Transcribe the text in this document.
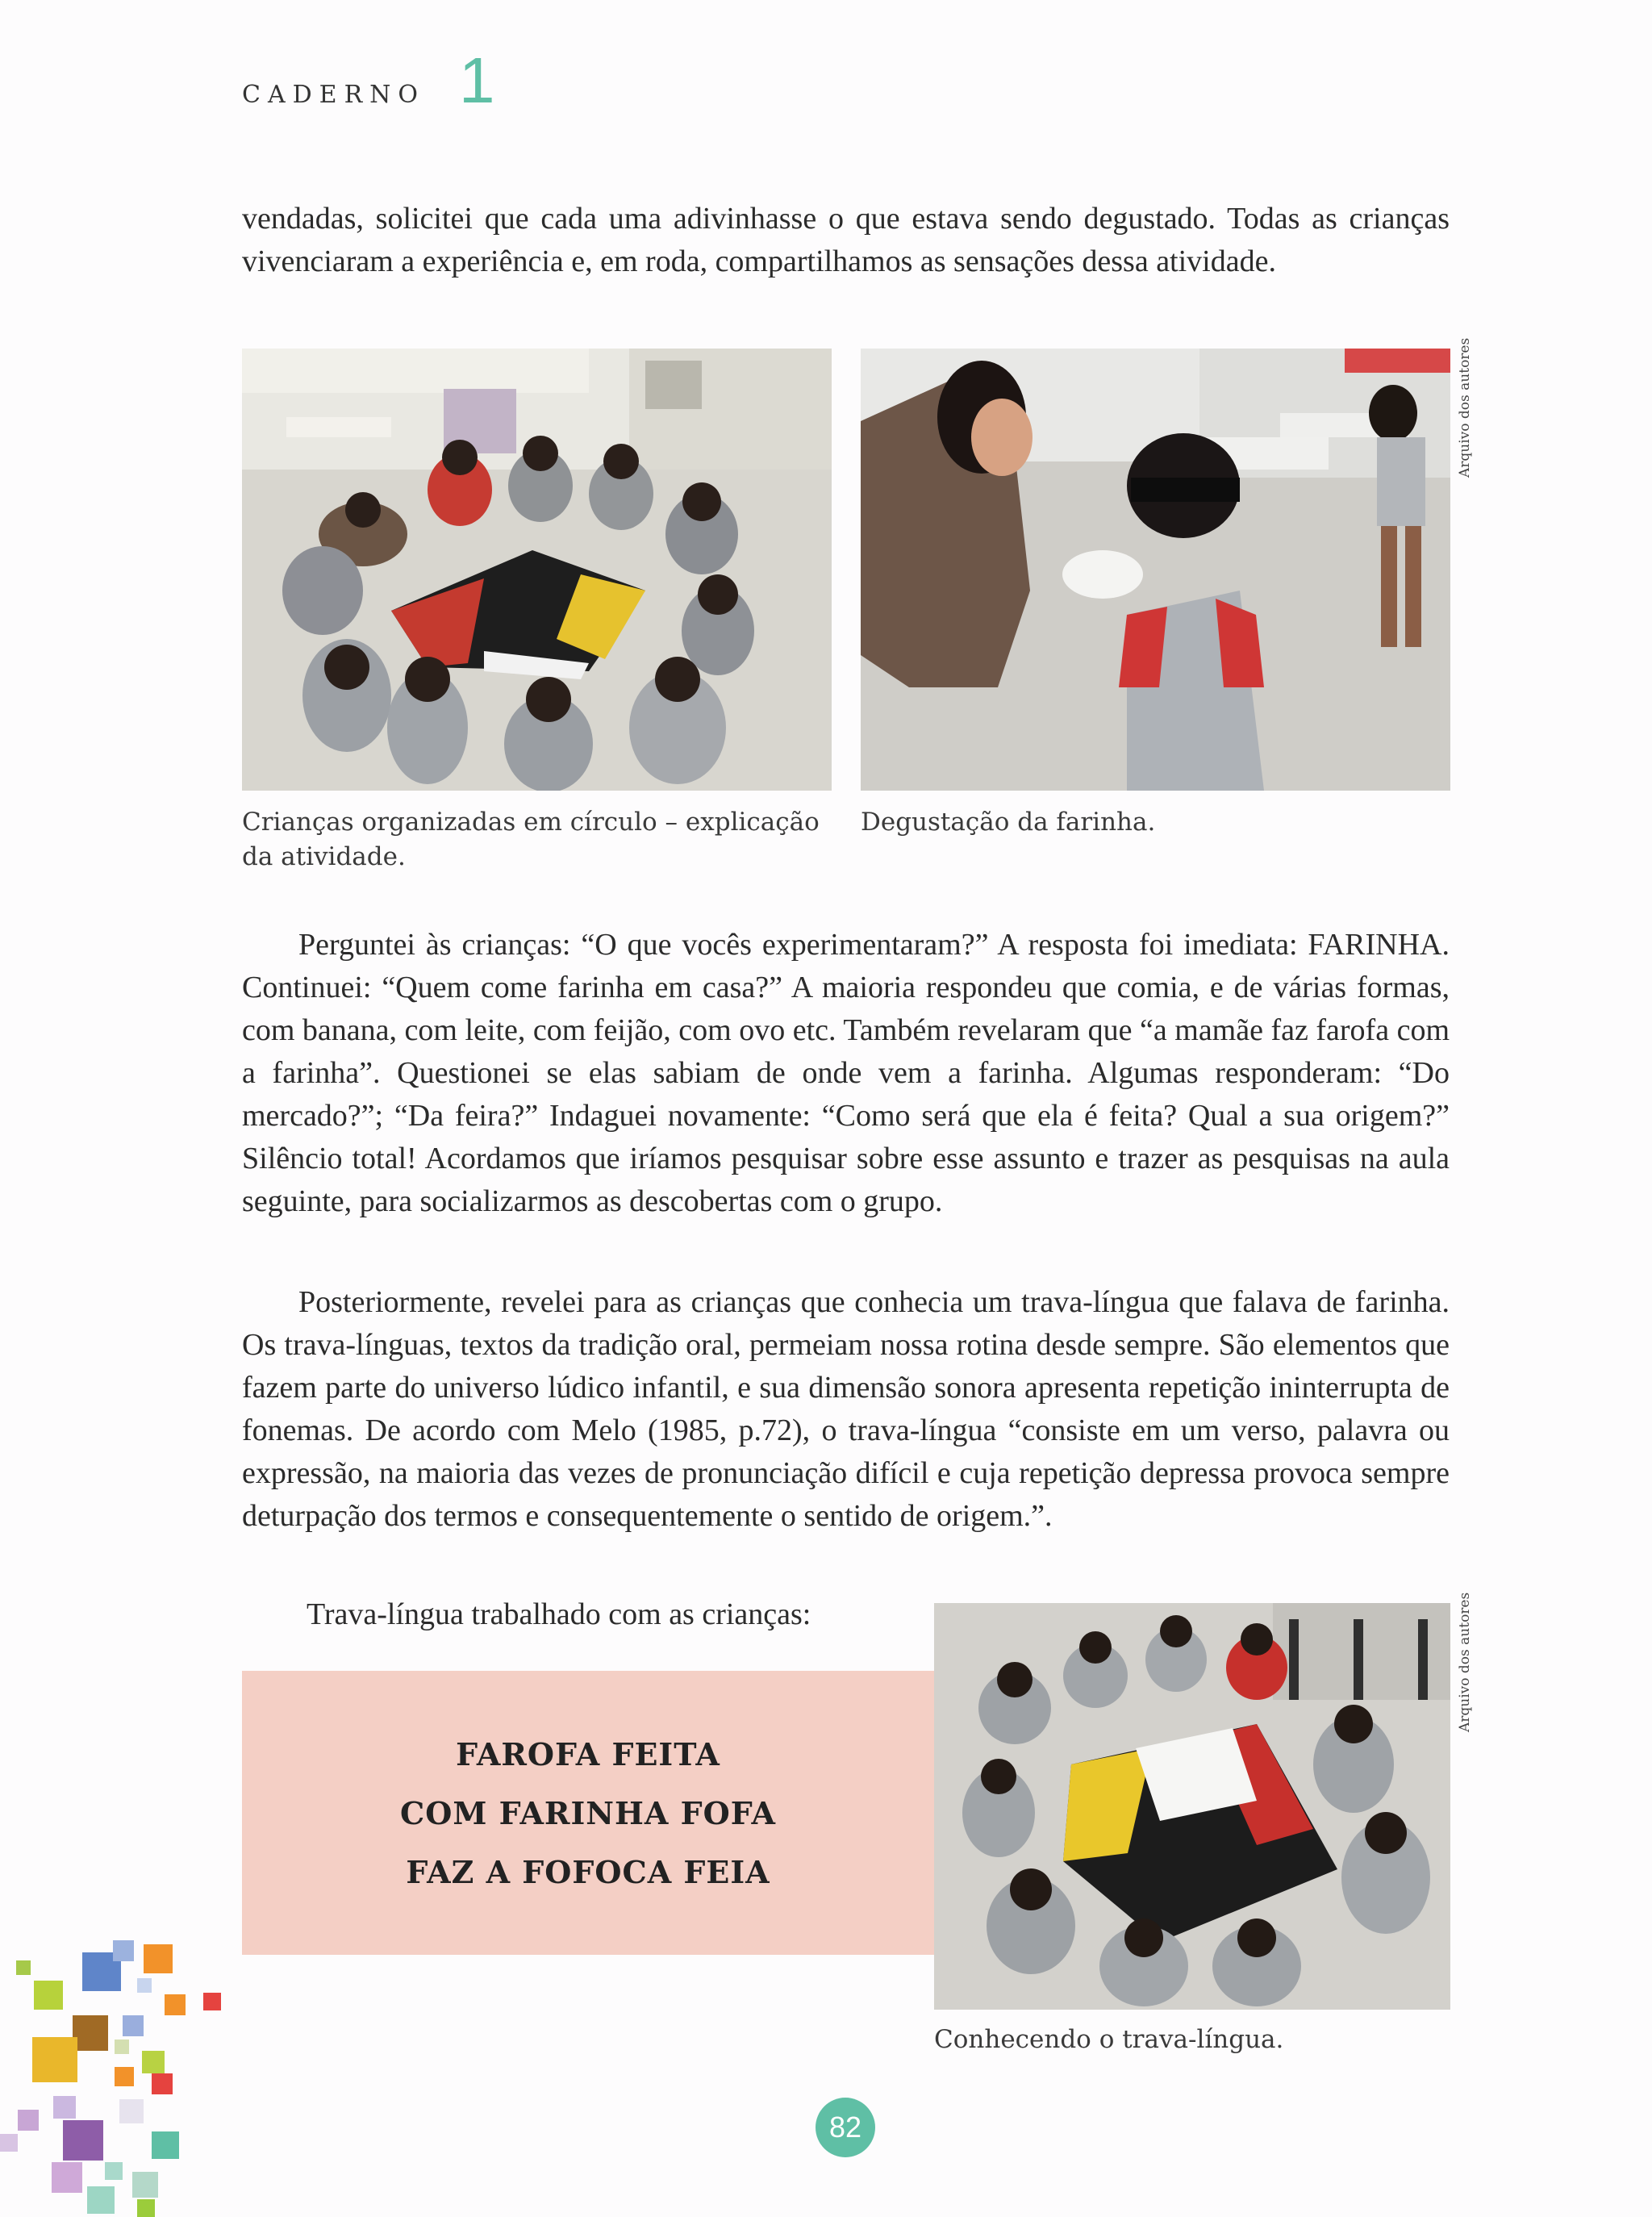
CADERNO 1

vendadas, solicitei que cada uma adivinhasse o que estava sendo degustado. Todas as crianças vivenciaram a experiência e, em roda, compartilhamos as sensações dessa atividade.

Arquivo dos autores

Crianças organizadas em círculo – explicação da atividade.

Degustação da farinha.

Perguntei às crianças: “O que vocês experimentaram?” A resposta foi imediata: FARINHA. Continuei: “Quem come farinha em casa?” A maioria respondeu que comia, e de várias formas, com banana, com leite, com feijão, com ovo etc. Também revelaram que “a mamãe faz farofa com a farinha”. Questionei se elas sabiam de onde vem a farinha. Algumas responderam: “Do mercado?”; “Da feira?” Indaguei novamente: “Como será que ela é feita? Qual a sua origem?” Silêncio total! Acordamos que iríamos pesquisar sobre esse assunto e trazer as pesquisas na aula seguinte, para socializarmos as descobertas com o grupo.

Posteriormente, revelei para as crianças que conhecia um trava-língua que falava de farinha. Os trava-línguas, textos da tradição oral, permeiam nossa rotina desde sempre. São elementos que fazem parte do universo lúdico infantil, e sua dimensão sonora apresenta repetição ininterrupta de fonemas. De acordo com Melo (1985, p.72), o trava-língua “consiste em um verso, palavra ou expressão, na maioria das vezes de pronunciação difícil e cuja repetição depressa provoca sempre deturpação dos termos e consequentemente o sentido de origem.”.

Trava-língua trabalhado com as crianças:

FAROFA FEITA
COM FARINHA FOFA
FAZ A FOFOCA FEIA
Arquivo dos autores

Conhecendo o trava-língua.

82
